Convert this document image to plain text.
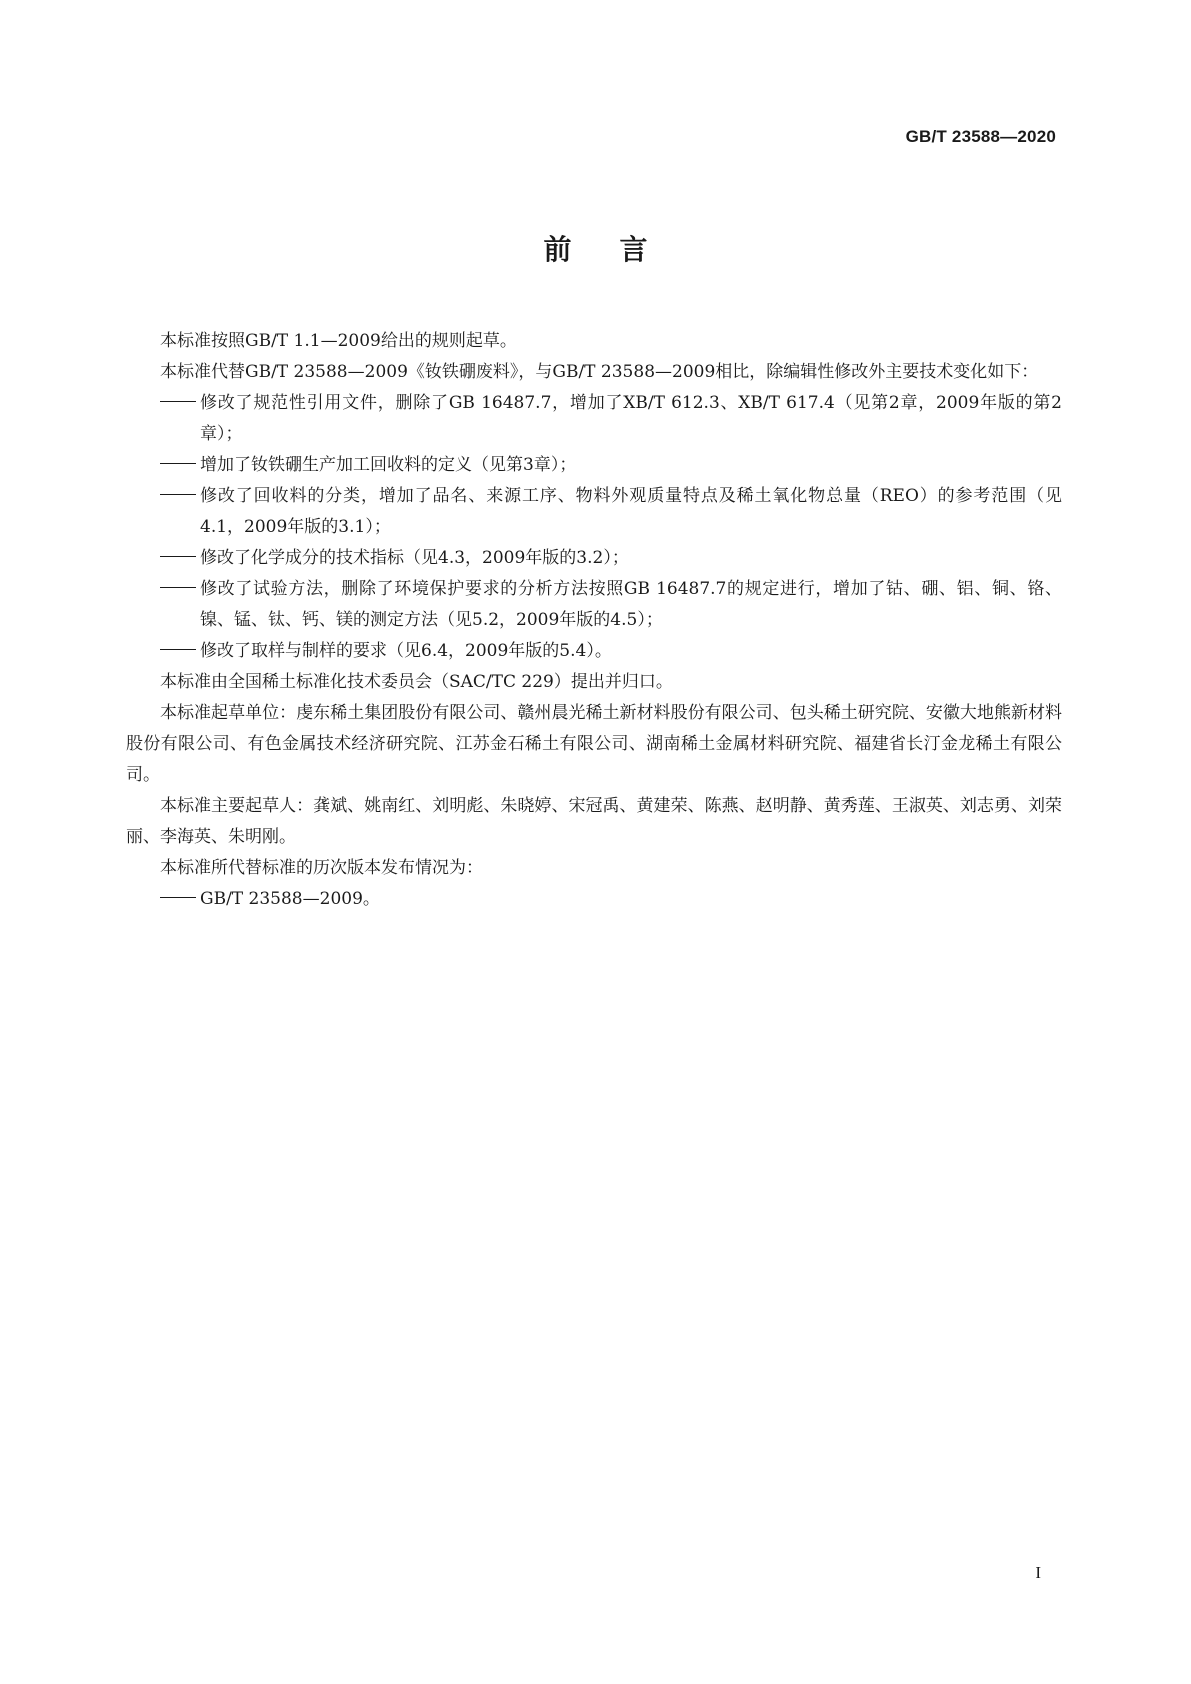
GB/T 23588—2020
前言

本标准按照GB/T 1.1—2009给出的规则起草。

本标准代替GB/T 23588—2009《钕铁硼废料》，与GB/T 23588—2009相比，除编辑性修改外主要技术变化如下：

修改了规范性引用文件，删除了GB 16487.7，增加了XB/T 612.3、XB/T 617.4（见第2章，2009年版的第2章）；
增加了钕铁硼生产加工回收料的定义（见第3章）；
修改了回收料的分类，增加了品名、来源工序、物料外观质量特点及稀土氧化物总量（REO）的参考范围（见4.1，2009年版的3.1）；
修改了化学成分的技术指标（见4.3，2009年版的3.2）；
修改了试验方法，删除了环境保护要求的分析方法按照GB 16487.7的规定进行，增加了钴、硼、铝、铜、铬、镍、锰、钛、钙、镁的测定方法（见5.2，2009年版的4.5）；
修改了取样与制样的要求（见6.4，2009年版的5.4）。

本标准由全国稀土标准化技术委员会（SAC/TC 229）提出并归口。

本标准起草单位：虔东稀土集团股份有限公司、赣州晨光稀土新材料股份有限公司、包头稀土研究院、安徽大地熊新材料股份有限公司、有色金属技术经济研究院、江苏金石稀土有限公司、湖南稀土金属材料研究院、福建省长汀金龙稀土有限公司。

本标准主要起草人：龚斌、姚南红、刘明彪、朱晓婷、宋冠禹、黄建荣、陈燕、赵明静、黄秀莲、王淑英、刘志勇、刘荣丽、李海英、朱明刚。

本标准所代替标准的历次版本发布情况为：

GB/T 23588—2009。
I
